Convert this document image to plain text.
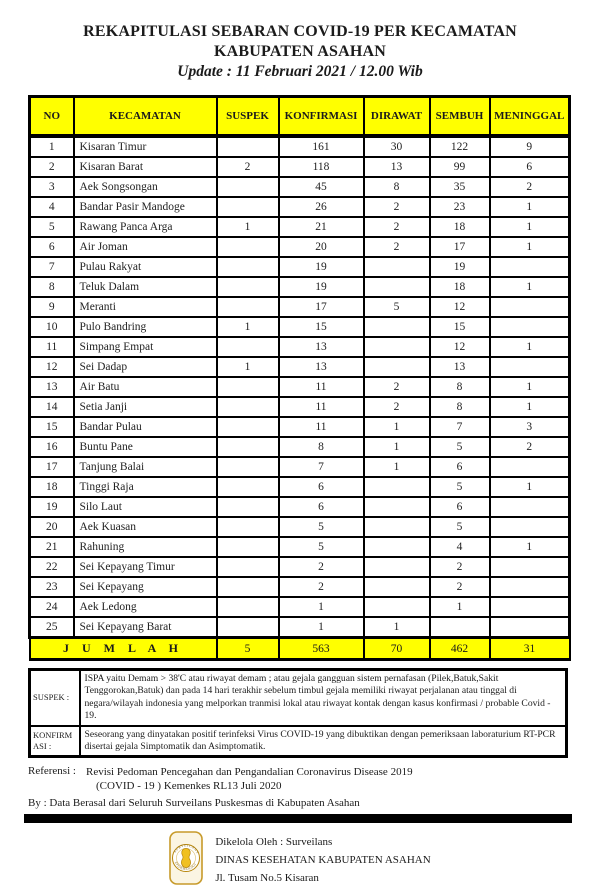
REKAPITULASI SEBARAN COVID-19 PER KECAMATAN
KABUPATEN ASAHAN
Update : 11 Februari 2021 / 12.00 Wib
NO	KECAMATAN	SUSPEK	KONFIRMASI	DIRAWAT	SEMBUH	MENINGGAL
1	Kisaran Timur		161	30	122	9
2	Kisaran Barat	2	118	13	99	6
3	Aek Songsongan		45	8	35	2
4	Bandar Pasir Mandoge		26	2	23	1
5	Rawang Panca Arga	1	21	2	18	1
6	Air Joman		20	2	17	1
7	Pulau Rakyat		19		19	
8	Teluk Dalam		19		18	1
9	Meranti		17	5	12	
10	Pulo Bandring	1	15		15	
11	Simpang Empat		13		12	1
12	Sei Dadap	1	13		13	
13	Air Batu		11	2	8	1
14	Setia Janji		11	2	8	1
15	Bandar Pulau		11	1	7	3
16	Buntu Pane		8	1	5	2
17	Tanjung Balai		7	1	6	
18	Tinggi Raja		6		5	1
19	Silo Laut		6		6	
20	Aek Kuasan		5		5	
21	Rahuning		5		4	1
22	Sei Kepayang Timur		2		2	
23	Sei Kepayang		2		2	
24	Aek Ledong		1		1	
25	Sei Kepayang Barat		1	1		
J U M L A H		5	563	70	462	31
SUSPEK :	ISPA yaitu Demam > 38'C atau riwayat demam ; atau gejala gangguan sistem pernafasan (Pilek,Batuk,Sakit Tenggorokan,Batuk) dan pada 14 hari terakhir sebelum timbul gejala memiliki riwayat perjalanan atau tinggal di negara/wilayah indonesia yang melporkan tranmisi lokal atau riwayat kontak dengan kasus konfirmasi / probable Covid - 19.
KONFIRM ASI :	Seseorang yang dinyatakan positif terinfeksi Virus COVID-19 yang dibuktikan dengan pemeriksaan laboraturium RT-PCR disertai gejala Simptomatik dan Asimptomatik.
Referensi : Revisi Pedoman Pencegahan dan Pengandalian Coronavirus Disease 2019
(COVID - 19 ) Kemenkes RL13 Juli 2020
By : Data Berasal dari Seluruh Surveilans Puskesmas di Kabupaten Asahan
SURVEILANS
EPIDEMIOLOGI
Dikelola Oleh : Surveilans
DINAS KESEHATAN KABUPATEN ASAHAN
Jl. Tusam No.5 Kisaran
